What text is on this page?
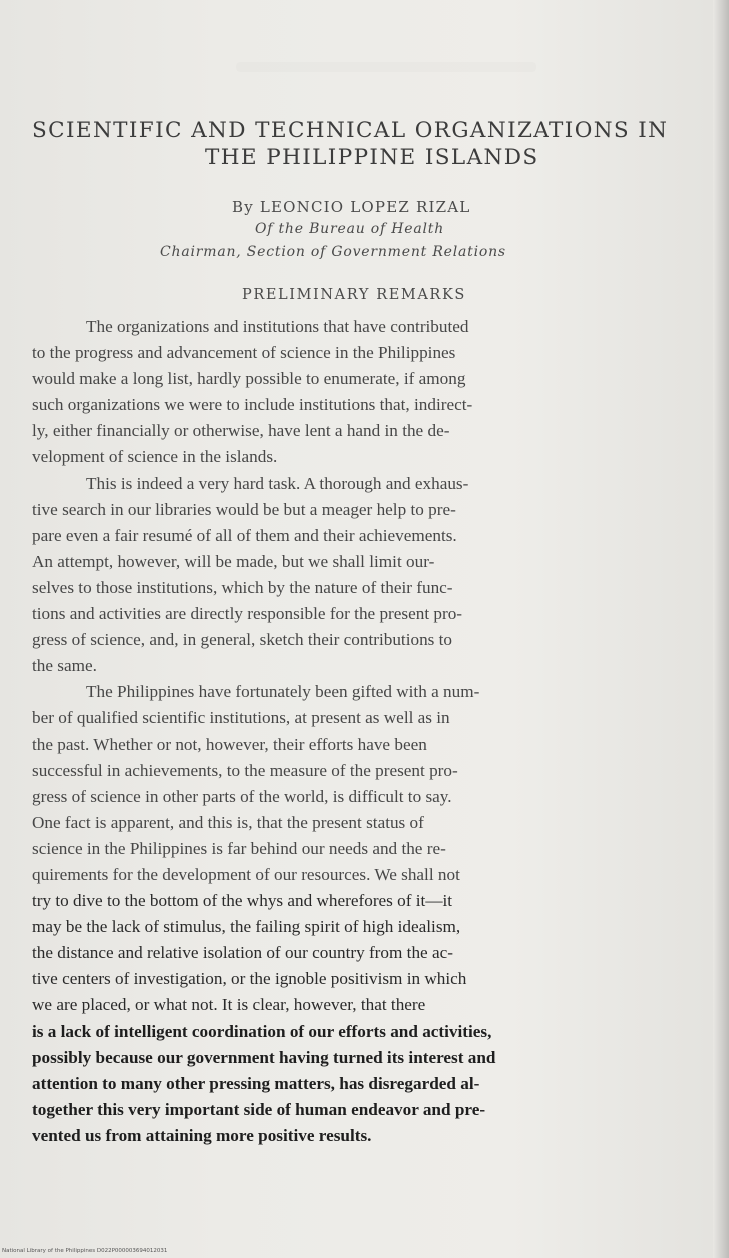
SCIENTIFIC AND TECHNICAL ORGANIZATIONS IN
THE PHILIPPINE ISLANDS
By LEONCIO LOPEZ RIZAL
Of the Bureau of Health
Chairman, Section of Government Relations
PRELIMINARY REMARKS
The organizations and institutions that have contributed
to the progress and advancement of science in the Philippines
would make a long list, hardly possible to enumerate, if among
such organizations we were to include institutions that, indirect-
ly, either financially or otherwise, have lent a hand in the de-
velopment of science in the islands.
This is indeed a very hard task. A thorough and exhaus-
tive search in our libraries would be but a meager help to pre-
pare even a fair resumé of all of them and their achievements.
An attempt, however, will be made, but we shall limit our-
selves to those institutions, which by the nature of their func-
tions and activities are directly responsible for the present pro-
gress of science, and, in general, sketch their contributions to
the same.
The Philippines have fortunately been gifted with a num-
ber of qualified scientific institutions, at present as well as in
the past. Whether or not, however, their efforts have been
successful in achievements, to the measure of the present pro-
gress of science in other parts of the world, is difficult to say.
One fact is apparent, and this is, that the present status of
science in the Philippines is far behind our needs and the re-
quirements for the development of our resources. We shall not
try to dive to the bottom of the whys and wherefores of it—it
may be the lack of stimulus, the failing spirit of high idealism,
the distance and relative isolation of our country from the ac-
tive centers of investigation, or the ignoble positivism in which
we are placed, or what not. It is clear, however, that there
is a lack of intelligent coordination of our efforts and activities,
possibly because our government having turned its interest and
attention to many other pressing matters, has disregarded al-
together this very important side of human endeavor and pre-
vented us from attaining more positive results.
National Library of the Philippines D022P000003694012031
